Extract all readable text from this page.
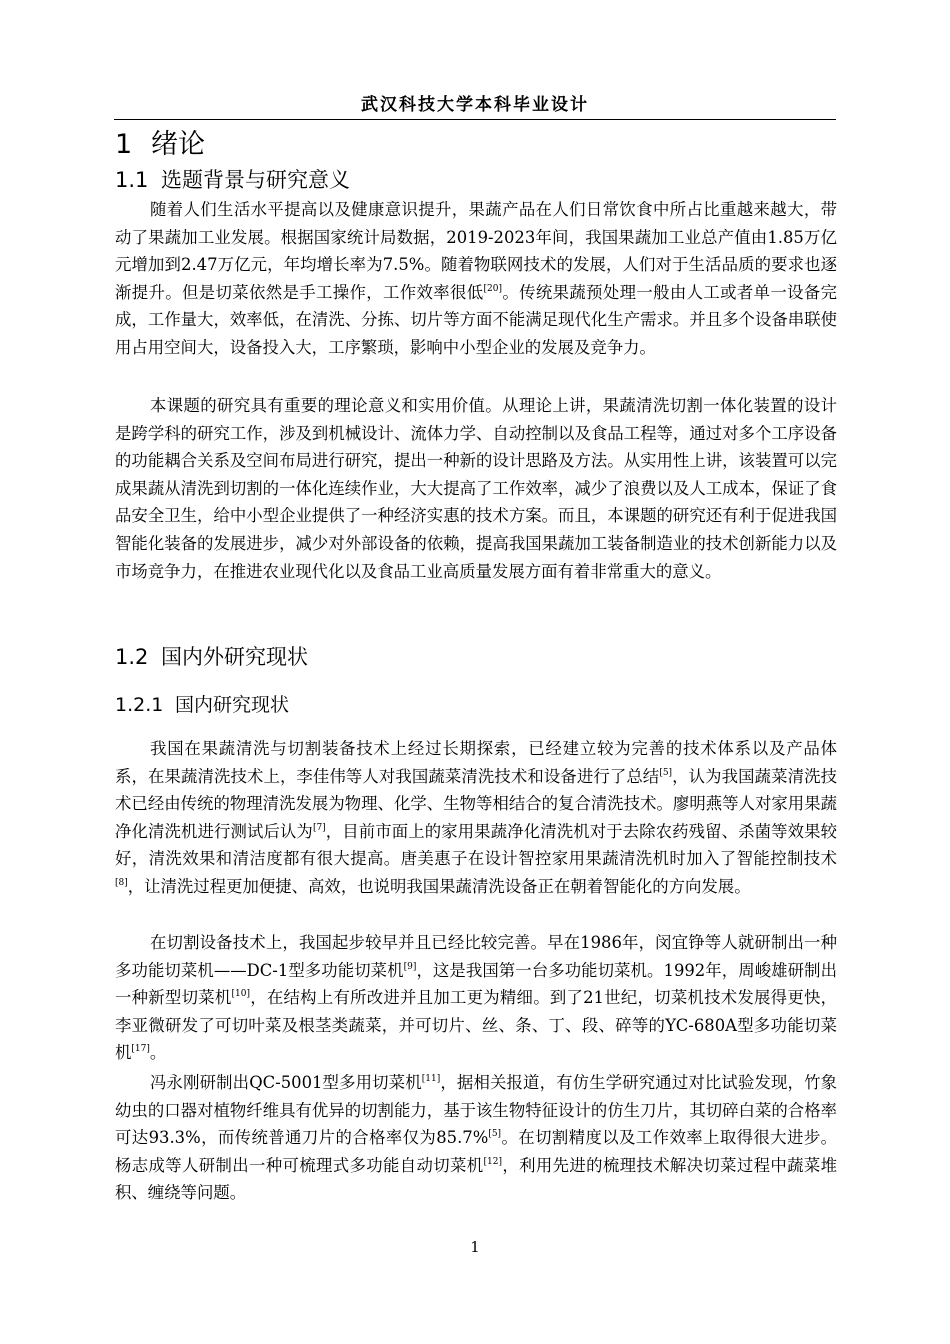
武汉科技大学本科毕业设计
1 绪论
1.1 选题背景与研究意义

随着人们生活水平提高以及健康意识提升，果蔬产品在人们日常饮食中所占比重越来越大，带动了果蔬加工业发展。根据国家统计局数据，2019-2023年间，我国果蔬加工业总产值由1.85万亿元增加到2.47万亿元，年均增长率为7.5%。随着物联网技术的发展，人们对于生活品质的要求也逐渐提升。但是切菜依然是手工操作，工作效率很低[20]。传统果蔬预处理一般由人工或者单一设备完成，工作量大，效率低，在清洗、分拣、切片等方面不能满足现代化生产需求。并且多个设备串联使用占用空间大，设备投入大，工序繁琐，影响中小型企业的发展及竞争力。

本课题的研究具有重要的理论意义和实用价值。从理论上讲，果蔬清洗切割一体化装置的设计是跨学科的研究工作，涉及到机械设计、流体力学、自动控制以及食品工程等，通过对多个工序设备的功能耦合关系及空间布局进行研究，提出一种新的设计思路及方法。从实用性上讲，该装置可以完成果蔬从清洗到切割的一体化连续作业，大大提高了工作效率，减少了浪费以及人工成本，保证了食品安全卫生，给中小型企业提供了一种经济实惠的技术方案。而且，本课题的研究还有利于促进我国智能化装备的发展进步，减少对外部设备的依赖，提高我国果蔬加工装备制造业的技术创新能力以及市场竞争力，在推进农业现代化以及食品工业高质量发展方面有着非常重大的意义。

1.2 国内外研究现状
1.2.1 国内研究现状

我国在果蔬清洗与切割装备技术上经过长期探索，已经建立较为完善的技术体系以及产品体系，在果蔬清洗技术上，李佳伟等人对我国蔬菜清洗技术和设备进行了总结[5]，认为我国蔬菜清洗技术已经由传统的物理清洗发展为物理、化学、生物等相结合的复合清洗技术。廖明燕等人对家用果蔬净化清洗机进行测试后认为[7]，目前市面上的家用果蔬净化清洗机对于去除农药残留、杀菌等效果较好，清洗效果和清洁度都有很大提高。唐美惠子在设计智控家用果蔬清洗机时加入了智能控制技术[8]，让清洗过程更加便捷、高效，也说明我国果蔬清洗设备正在朝着智能化的方向发展。

在切割设备技术上，我国起步较早并且已经比较完善。早在1986年，闵宜铮等人就研制出一种多功能切菜机——DC-1型多功能切菜机[9]，这是我国第一台多功能切菜机。1992年，周峻雄研制出一种新型切菜机[10]，在结构上有所改进并且加工更为精细。到了21世纪，切菜机技术发展得更快，李亚微研发了可切叶菜及根茎类蔬菜，并可切片、丝、条、丁、段、碎等的YC-680A型多功能切菜机[17]。

冯永刚研制出QC-5001型多用切菜机[11]，据相关报道，有仿生学研究通过对比试验发现，竹象幼虫的口器对植物纤维具有优异的切割能力，基于该生物特征设计的仿生刀片，其切碎白菜的合格率可达93.3%，而传统普通刀片的合格率仅为85.7%[5]。在切割精度以及工作效率上取得很大进步。杨志成等人研制出一种可梳理式多功能自动切菜机[12]，利用先进的梳理技术解决切菜过程中蔬菜堆积、缠绕等问题。

1
